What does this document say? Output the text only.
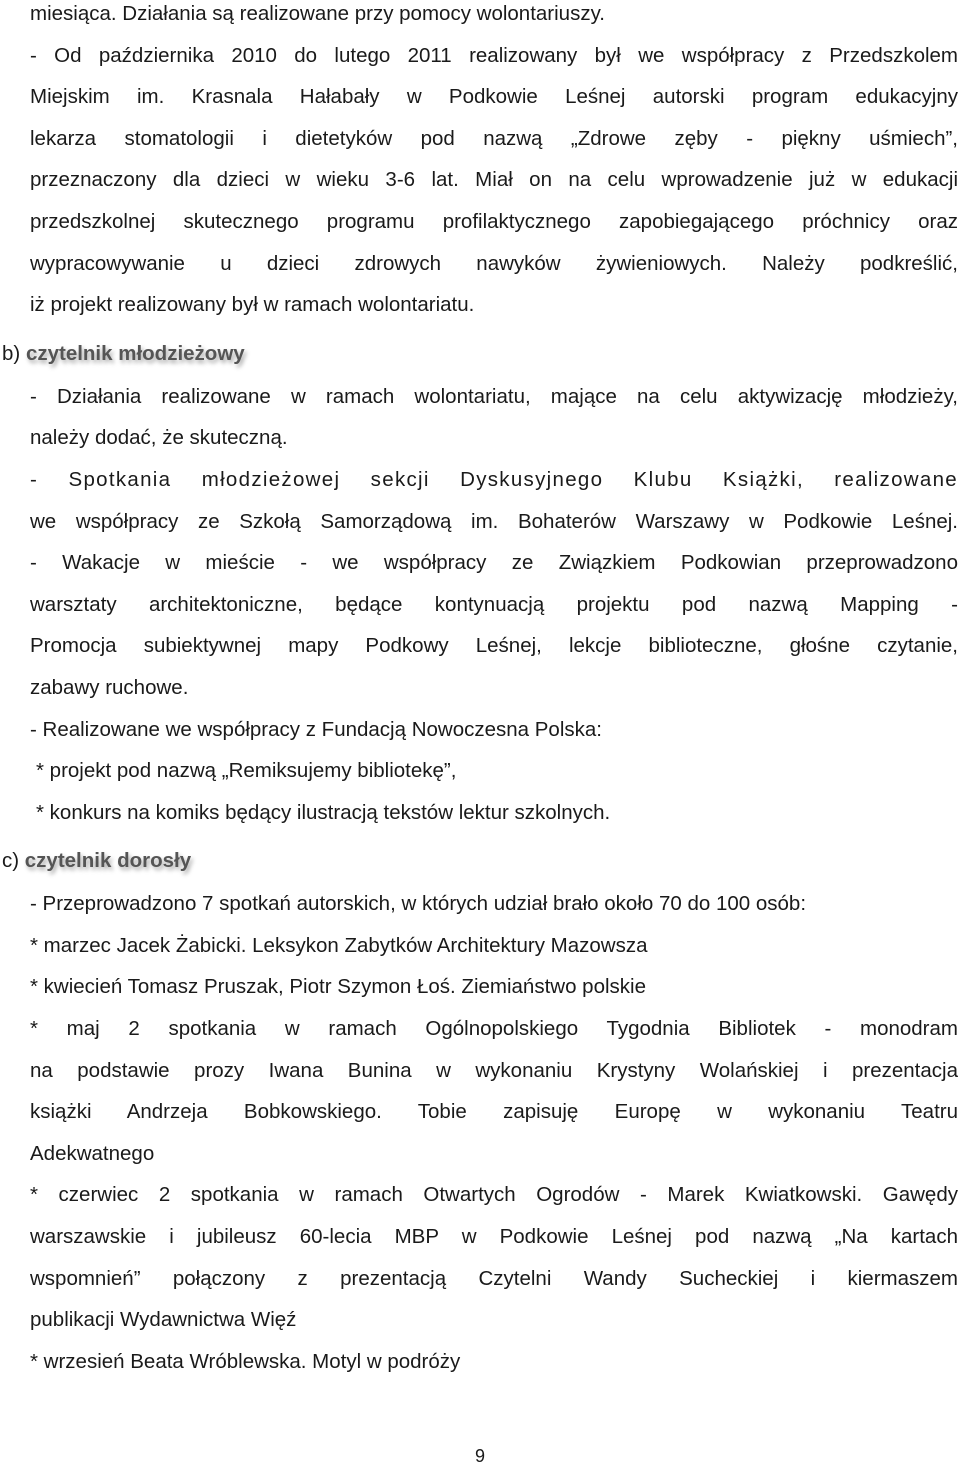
miesiąca. Działania są realizowane przy pomocy wolontariuszy.
- Od października 2010 do lutego 2011 realizowany był we współpracy z Przedszkolem
Miejskim im. Krasnala Hałabały w Podkowie Leśnej autorski program edukacyjny
lekarza stomatologii i dietetyków pod nazwą „Zdrowe zęby - piękny uśmiech”,
przeznaczony dla dzieci w wieku 3-6 lat. Miał on na celu wprowadzenie już w edukacji
przedszkolnej skutecznego programu profilaktycznego zapobiegającego próchnicy oraz
wypracowywanie u dzieci zdrowych nawyków żywieniowych. Należy podkreślić,
iż projekt realizowany był w ramach wolontariatu.
b) czytelnik młodzieżowy
- Działania realizowane w ramach wolontariatu, mające na celu aktywizację młodzieży,
należy dodać, że skuteczną.
- Spotkania młodzieżowej sekcji Dyskusyjnego Klubu Książki, realizowane
we współpracy ze Szkołą Samorządową im. Bohaterów Warszawy w Podkowie Leśnej.
- Wakacje w mieście - we współpracy ze Związkiem Podkowian przeprowadzono
warsztaty architektoniczne, będące kontynuacją projektu pod nazwą Mapping -
Promocja subiektywnej mapy Podkowy Leśnej, lekcje biblioteczne, głośne czytanie,
zabawy ruchowe.
- Realizowane we współpracy z Fundacją Nowoczesna Polska:
* projekt pod nazwą „Remiksujemy bibliotekę”,
* konkurs na komiks będący ilustracją tekstów lektur szkolnych.
c) czytelnik dorosły
- Przeprowadzono 7 spotkań autorskich, w których udział brało około 70 do 100 osób:
* marzec Jacek Żabicki. Leksykon Zabytków Architektury Mazowsza
* kwiecień Tomasz Pruszak, Piotr Szymon Łoś. Ziemiaństwo polskie
* maj 2 spotkania w ramach Ogólnopolskiego Tygodnia Bibliotek - monodram
na podstawie prozy Iwana Bunina w wykonaniu Krystyny Wolańskiej i prezentacja
książki Andrzeja Bobkowskiego. Tobie zapisuję Europę w wykonaniu Teatru
Adekwatnego
* czerwiec 2 spotkania w ramach Otwartych Ogrodów - Marek Kwiatkowski. Gawędy
warszawskie i jubileusz 60-lecia MBP w Podkowie Leśnej pod nazwą „Na kartach
wspomnień” połączony z prezentacją Czytelni Wandy Sucheckiej i kiermaszem
publikacji Wydawnictwa Więź
* wrzesień Beata Wróblewska. Motyl w podróży
9
